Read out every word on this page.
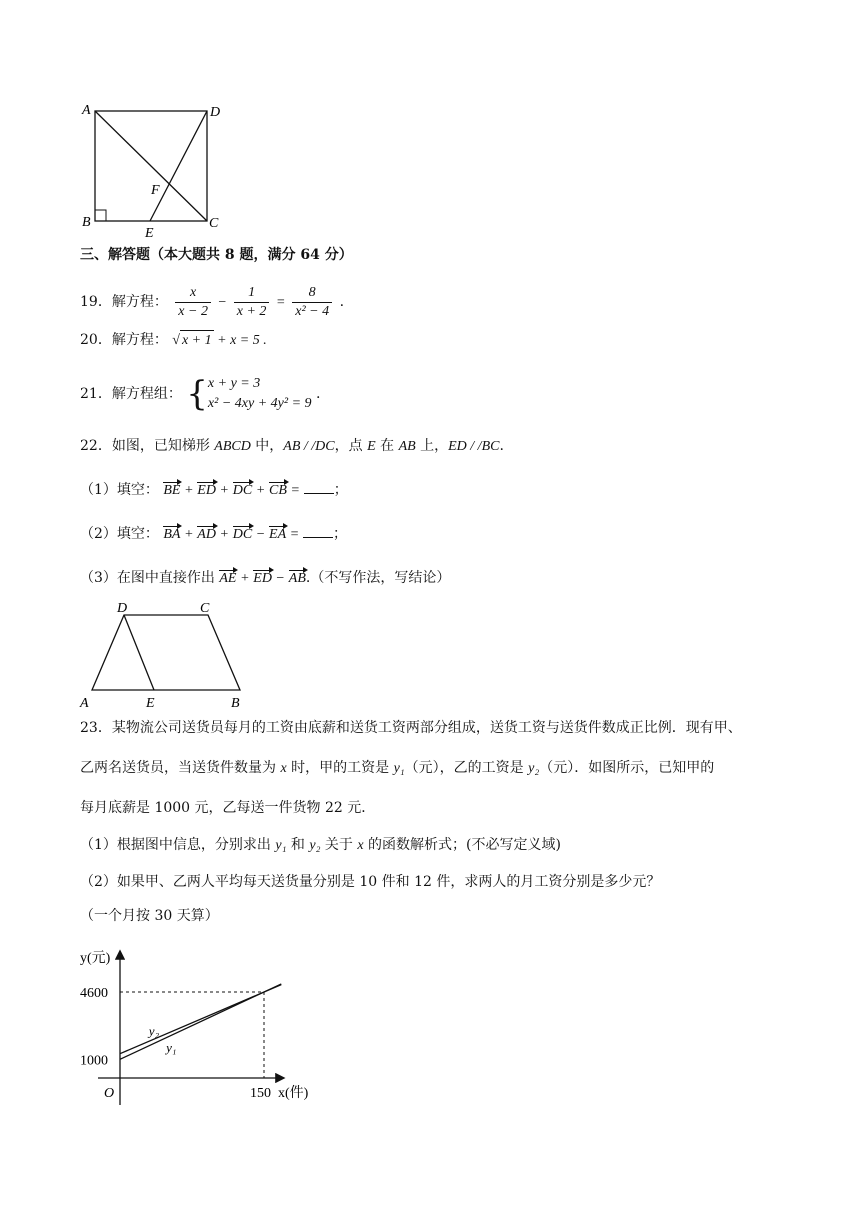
A	D
B	C
E
F
三、解答题（本大题共 8 题，满分 64 分）
19．解方程： $\frac{x}{x - 2} - \frac{1}{x + 2} = \frac{8}{\text{x² − 4}}$ .
20．解方程： √ x + 1 + x = 5 .
21．解方程组： { x + y = 3
x² − 4xy + 4y² = 9
.
22．如图，已知梯形 ABCD 中，AB / /DC，点 E 在 AB 上，ED / /BC.
（1）填空： BE + ED + DC + CB = ；
（2）填空： BA + AD + DC − EA = ；
（3）在图中直接作出 AE + ED − AB.（不写作法，写结论）
D	C
A	E	B
23．某物流公司送货员每月的工资由底薪和送货工资两部分组成，送货工资与送货件数成正比例．现有甲、
乙两名送货员，当送货件数量为 x 时，甲的工资是 y₁（元），乙的工资是 y₂（元）．如图所示，已知甲的
每月底薪是 1000 元，乙每送一件货物 22 元．
（1）根据图中信息，分别求出 y₁ 和 y₂ 关于 x 的函数解析式；(不必写定义域)
（2）如果甲、乙两人平均每天送货量分别是 10 件和 12 件，求两人的月工资分别是多少元？
（一个月按 30 天算）
y(元)
x(件)
O
4600
1000
150
y₂
y₁
